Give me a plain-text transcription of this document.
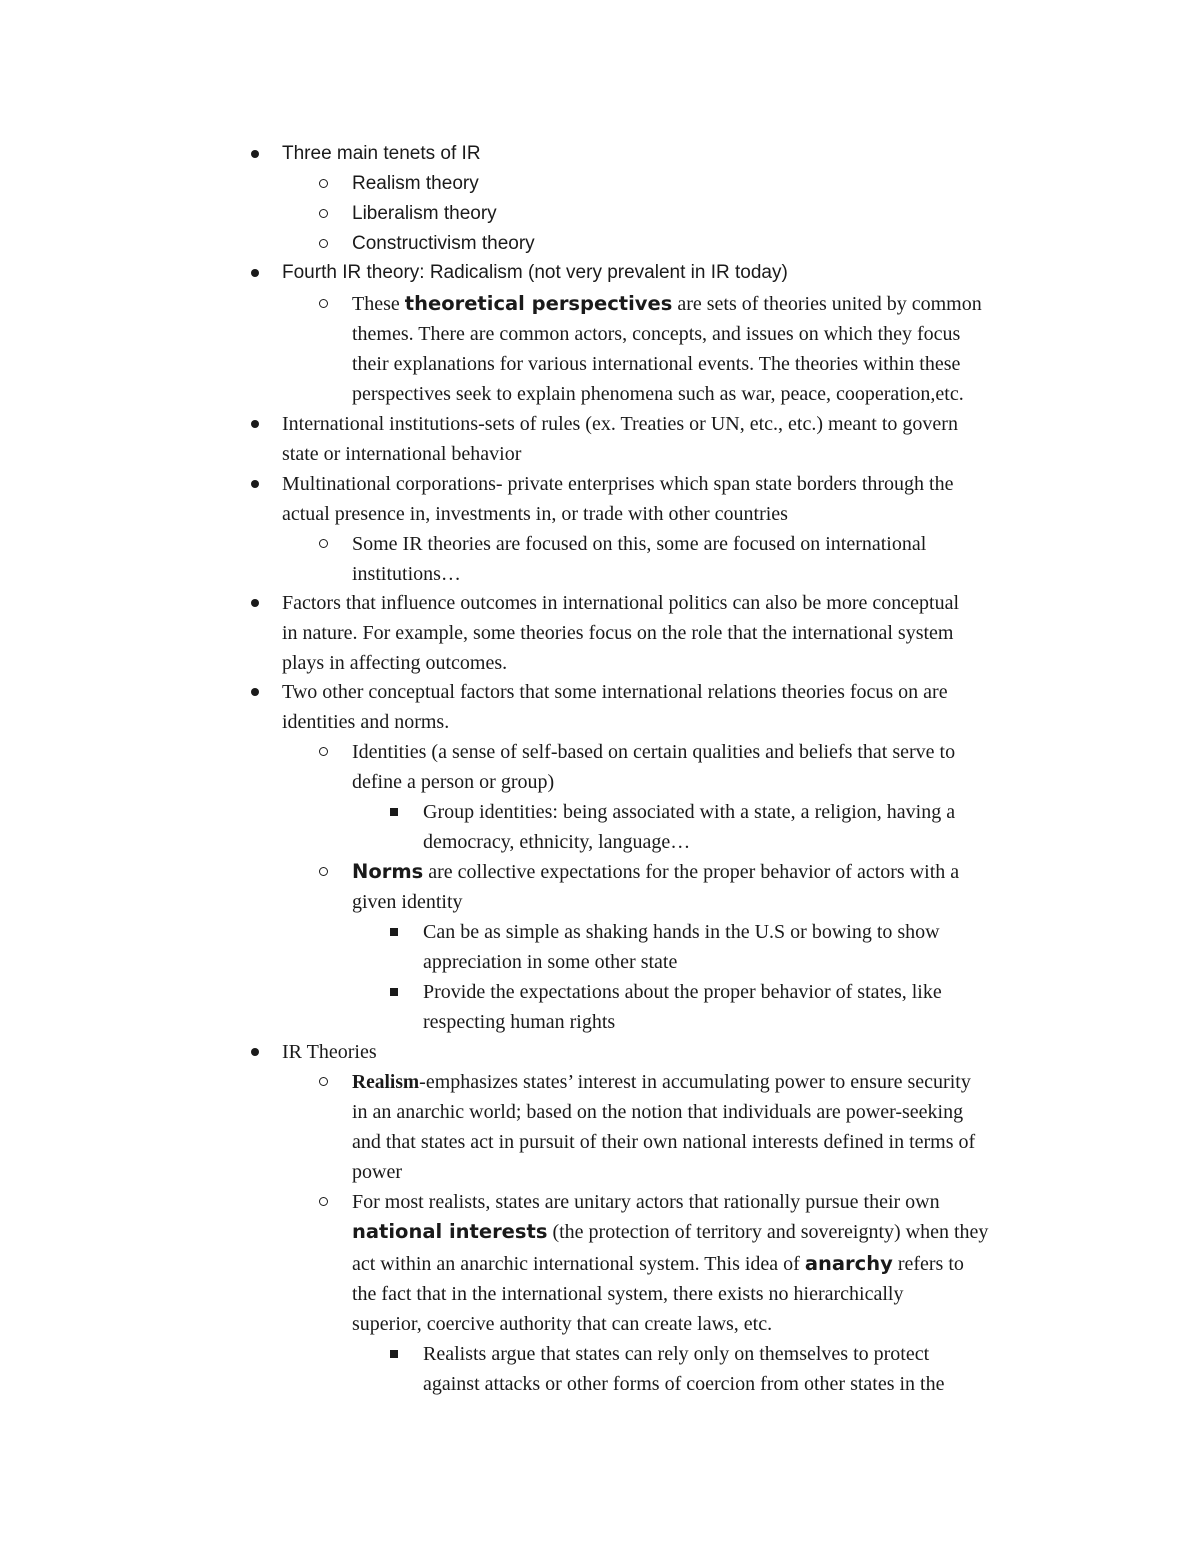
Three main tenets of IR
Realism theory
Liberalism theory
Constructivism theory
Fourth IR theory: Radicalism (not very prevalent in IR today)
These theoretical perspectives are sets of theories united by common
themes. There are common actors, concepts, and issues on which they focus
their explanations for various international events. The theories within these
perspectives seek to explain phenomena such as war, peace, cooperation,etc.
International institutions-sets of rules (ex. Treaties or UN, etc., etc.) meant to govern
state or international behavior
Multinational corporations- private enterprises which span state borders through the
actual presence in, investments in, or trade with other countries
Some IR theories are focused on this, some are focused on international
institutions…
Factors that influence outcomes in international politics can also be more conceptual
in nature. For example, some theories focus on the role that the international system
plays in affecting outcomes.
Two other conceptual factors that some international relations theories focus on are
identities and norms.
Identities (a sense of self-based on certain qualities and beliefs that serve to
define a person or group)
Group identities: being associated with a state, a religion, having a
democracy, ethnicity, language…
Norms are collective expectations for the proper behavior of actors with a
given identity
Can be as simple as shaking hands in the U.S or bowing to show
appreciation in some other state
Provide the expectations about the proper behavior of states, like
respecting human rights
IR Theories
Realism-emphasizes states’ interest in accumulating power to ensure security
in an anarchic world; based on the notion that individuals are power-seeking
and that states act in pursuit of their own national interests defined in terms of
power
For most realists, states are unitary actors that rationally pursue their own
national interests (the protection of territory and sovereignty) when they
act within an anarchic international system. This idea of anarchy refers to
the fact that in the international system, there exists no hierarchically
superior, coercive authority that can create laws, etc.
Realists argue that states can rely only on themselves to protect
against attacks or other forms of coercion from other states in the
